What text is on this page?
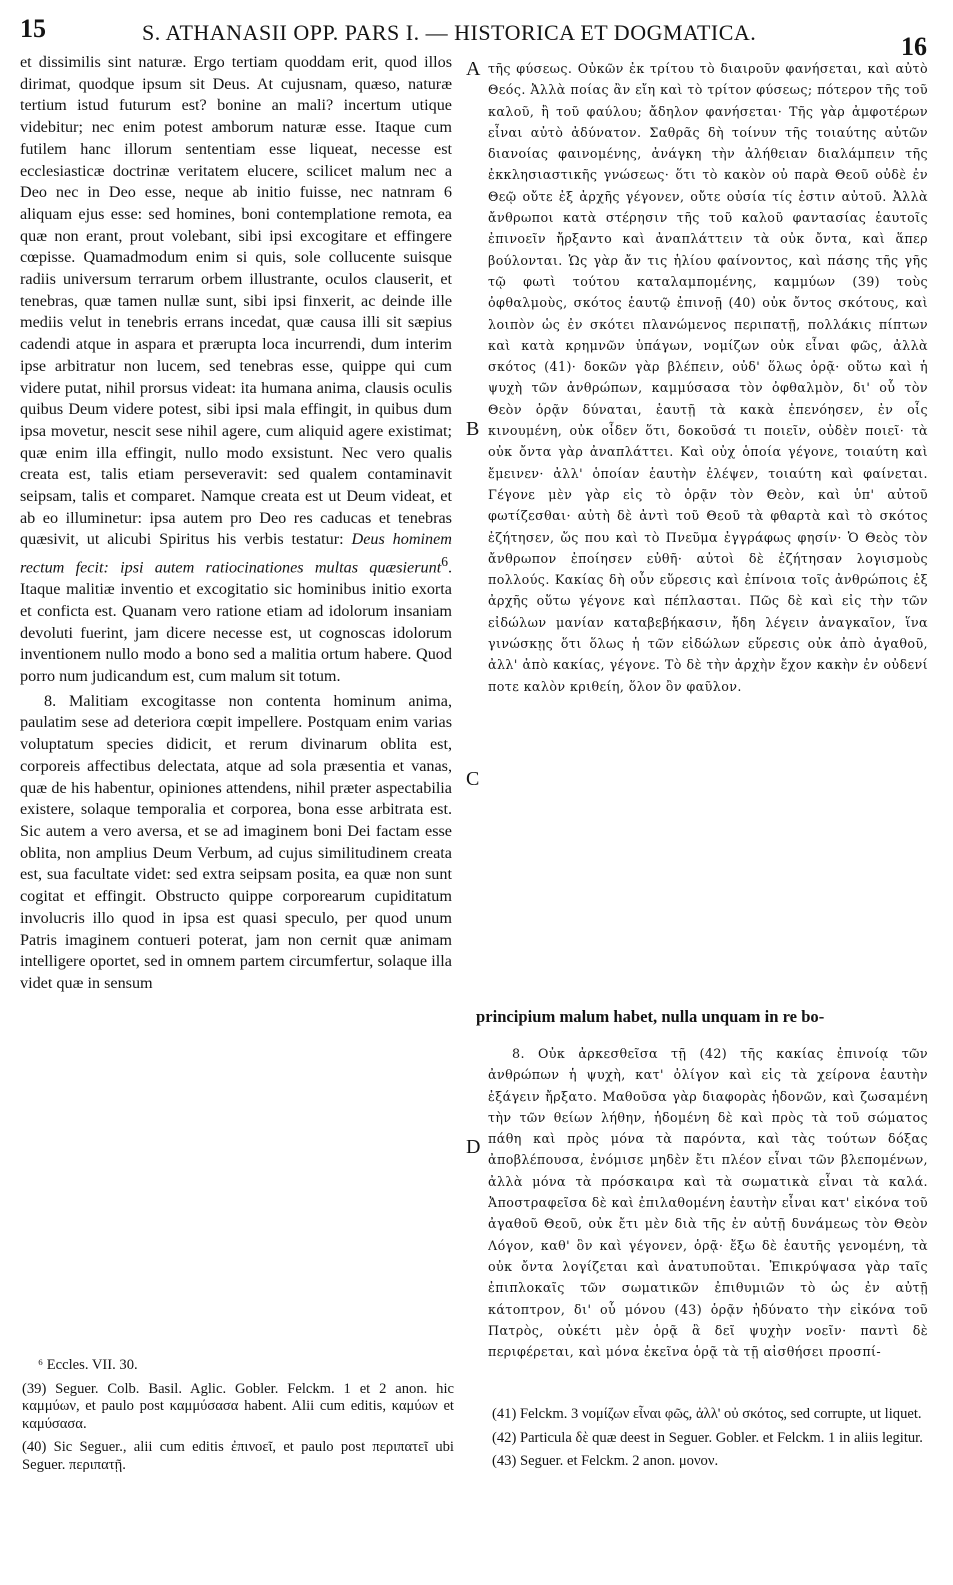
15	S. ATHANASII OPP. PARS I. — HISTORICA ET DOGMATICA.	16

et dissimilis sint naturæ. Ergo tertiam quoddam erit, quod illos dirimat, quodque ipsum sit Deus. At cujusnam, quæso, naturæ tertium istud futurum est? bonine an mali? incertum utique videbitur; nec enim potest amborum naturæ esse. Itaque cum futilem hanc illorum sententiam esse liqueat, necesse est ecclesiasticæ doctrinæ veritatem elucere, scilicet malum nec a Deo nec in Deo esse, neque ab initio fuisse, nec natnram 6 aliquam ejus esse: sed homines, boni contemplatione remota, ea quæ non erant, prout volebant, sibi ipsi excogitare et effingere cœpisse. Quamadmodum enim si quis, sole collucente suisque radiis universum terrarum orbem illustrante, oculos clauserit, et tenebras, quæ tamen nullæ sunt, sibi ipsi finxerit, ac deinde ille mediis velut in tenebris errans incedat, quæ causa illi sit sæpius cadendi atque in aspara et prærupta loca incurrendi, dum interim ipse arbitratur non lucem, sed tenebras esse, quippe qui cum videre putat, nihil prorsus videat: ita humana anima, clausis oculis quibus Deum videre potest, sibi ipsi mala effingit, in quibus dum ipsa movetur, nescit sese nihil agere, cum aliquid agere existimat; quæ enim illa effingit, nullo modo exsistunt. Nec vero qualis creata est, talis etiam perseveravit: sed qualem contaminavit seipsam, talis et comparet. Namque creata est ut Deum videat, et ab eo illuminetur: ipsa autem pro Deo res caducas et tenebras quæsivit, ut alicubi Spiritus his verbis testatur: Deus hominem rectum fecit: ipsi autem ratiocinationes multas quæsierunt$^6$. Itaque malitiæ inventio et excogitatio sic hominibus initio exorta et conficta est. Quanam vero ratione etiam ad idolorum insaniam devoluti fuerint, jam dicere necesse est, ut cognoscas idolorum inventionem nullo modo a bono sed a malitia ortum habere. Quod porro num judicandum est, cum malum sit totum.

8. Malitiam excogitasse non contenta hominum anima, paulatim sese ad deteriora cœpit impellere. Postquam enim varias voluptatum species didicit, et rerum divinarum oblita est, corporeis affectibus delectata, atque ad sola præsentia et vanas, quæ de his habentur, opiniones attendens, nihil præter aspectabilia existere, solaque temporalia et corporea, bona esse arbitrata est. Sic autem a vero aversa, et se ad imaginem boni Dei factam esse oblita, non amplius Deum Verbum, ad cujus similitudinem creata est, sua facultate videt: sed extra seipsam posita, ea quæ non sunt cogitat et effingit. Obstructo quippe corporearum cupiditatum involucris illo quod in ipsa est quasi speculo, per quod unum Patris imaginem contueri poterat, jam non cernit quæ animam intelligere oportet, sed in omnem partem circumfertur, solaque illa videt quæ in sensum

A
B
C
D

τῆς φύσεως. Οὐκῶν ἐκ τρίτου τὸ διαιροῦν φανήσεται, καὶ αὐτὸ Θεός. Ἀλλὰ ποίας ἂν εἴη καὶ τὸ τρίτον φύσεως; πότερον τῆς τοῦ καλοῦ, ἢ τοῦ φαύλου; ἄδηλον φανήσεται· Τῆς γὰρ ἀμφοτέρων εἶναι αὐτὸ ἀδύνατον. Σαθρᾶς δὴ τοίνυν τῆς τοιαύτης αὐτῶν διανοίας φαινομένης, ἀνάγκη τὴν ἀλήθειαν διαλάμπειν τῆς ἐκκλησιαστικῆς γνώσεως· ὅτι τὸ κακὸν οὐ παρὰ Θεοῦ οὐδὲ ἐν Θεῷ οὔτε ἐξ ἀρχῆς γέγονεν, οὔτε οὐσία τίς ἐστιν αὐτοῦ. Ἀλλὰ ἄνθρωποι κατὰ στέρησιν τῆς τοῦ καλοῦ φαντασίας ἑαυτοῖς ἐπινοεῖν ἤρξαντο καὶ ἀναπλάττειν τὰ οὐκ ὄντα, καὶ ἅπερ βούλονται. Ὡς γὰρ ἄν τις ἡλίου φαίνοντος, καὶ πάσης τῆς γῆς τῷ φωτὶ τούτου καταλαμπομένης, καμμύων (39) τοὺς ὀφθαλμοὺς, σκότος ἑαυτῷ ἐπινοῇ (40) οὐκ ὄντος σκότους, καὶ λοιπὸν ὡς ἐν σκότει πλανώμενος περιπατῇ, πολλάκις πίπτων καὶ κατὰ κρημνῶν ὑπάγων, νομίζων οὐκ εἶναι φῶς, ἀλλὰ σκότος (41)· δοκῶν γὰρ βλέπειν, οὐδ' ὅλως ὁρᾷ· οὕτω καὶ ἡ ψυχὴ τῶν ἀνθρώπων, καμμύσασα τὸν ὀφθαλμὸν, δι' οὗ τὸν Θεὸν ὁρᾷν δύναται, ἑαυτῇ τὰ κακὰ ἐπενόησεν, ἐν οἷς κινουμένη, οὐκ οἶδεν ὅτι, δοκοῦσά τι ποιεῖν, οὐδὲν ποιεῖ· τὰ οὐκ ὄντα γὰρ ἀναπλάττει. Καὶ οὐχ ὁποία γέγονε, τοιαύτη καὶ ἔμεινεν· ἀλλ' ὁποίαν ἑαυτὴν ἐλέψεν, τοιαύτη καὶ φαίνεται. Γέγονε μὲν γὰρ εἰς τὸ ὁρᾷν τὸν Θεὸν, καὶ ὑπ' αὐτοῦ φωτίζεσθαι· αὐτὴ δὲ ἀντὶ τοῦ Θεοῦ τὰ φθαρτὰ καὶ τὸ σκότος ἐζήτησεν, ὥς που καὶ τὸ Πνεῦμα ἐγγράφως φησίν· Ὁ Θεὸς τὸν ἄνθρωπον ἐποίησεν εὐθῆ· αὐτοὶ δὲ ἐζήτησαν λογισμοὺς πολλούς. Κακίας δὴ οὖν εὕρεσις καὶ ἐπίνοια τοῖς ἀνθρώποις ἐξ ἀρχῆς οὕτω γέγονε καὶ πέπλασται. Πῶς δὲ καὶ εἰς τὴν τῶν εἰδώλων μανίαν καταβεβήκασιν, ἤδη λέγειν ἀναγκαῖον, ἵνα γινώσκῃς ὅτι ὅλως ἡ τῶν εἰδώλων εὕρεσις οὐκ ἀπὸ ἀγαθοῦ, ἀλλ' ἀπὸ κακίας, γέγονε. Τὸ δὲ τὴν ἀρχὴν ἔχον κακὴν ἐν οὐδενί ποτε καλὸν κριθείη, ὅλον ὂν φαῦλον.

principium malum habet, nulla unquam in re bo-

8. Οὐκ ἀρκεσθεῖσα τῇ (42) τῆς κακίας ἐπινοίᾳ τῶν ἀνθρώπων ἡ ψυχὴ, κατ' ὀλίγον καὶ εἰς τὰ χείρονα ἑαυτὴν ἐξάγειν ἤρξατο. Μαθοῦσα γὰρ διαφορὰς ἡδονῶν, καὶ ζωσαμένη τὴν τῶν θείων λήθην, ἡδομένη δὲ καὶ πρὸς τὰ τοῦ σώματος πάθη καὶ πρὸς μόνα τὰ παρόντα, καὶ τὰς τούτων δόξας ἀποβλέπουσα, ἐνόμισε μηδὲν ἔτι πλέον εἶναι τῶν βλεπομένων, ἀλλὰ μόνα τὰ πρόσκαιρα καὶ τὰ σωματικὰ εἶναι τὰ καλά. Ἀποστραφεῖσα δὲ καὶ ἐπιλαθομένη ἑαυτὴν εἶναι κατ' εἰκόνα τοῦ ἀγαθοῦ Θεοῦ, οὐκ ἔτι μὲν διὰ τῆς ἐν αὐτῇ δυνάμεως τὸν Θεὸν Λόγον, καθ' ὃν καὶ γέγονεν, ὁρᾷ· ἔξω δὲ ἑαυτῆς γενομένη, τὰ οὐκ ὄντα λογίζεται καὶ ἀνατυποῦται. Ἐπικρύψασα γὰρ ταῖς ἐπιπλοκαῖς τῶν σωματικῶν ἐπιθυμιῶν τὸ ὡς ἐν αὐτῇ κάτοπτρον, δι' οὗ μόνου (43) ὁρᾷν ἠδύνατο τὴν εἰκόνα τοῦ Πατρὸς, οὐκέτι μὲν ὁρᾷ ἃ δεῖ ψυχὴν νοεῖν· παντὶ δὲ περιφέρεται, καὶ μόνα ἐκεῖνα ὁρᾷ τὰ τῇ αἰσθήσει προσπί-

⁶ Eccles. VII. 30.
(39) Seguer. Colb. Basil. Aglic. Gobler. Felckm. 1 et 2 anon. hic καμμύων, et paulo post καμμύσασα habent. Alii cum editis, καμύων et καμύσασα.
(40) Sic Seguer., alii cum editis ἐπινοεῖ, et paulo post περιπατεῖ ubi Seguer. περιπατῇ.
(41) Felckm. 3 νομίζων εἶναι φῶς, ἀλλ' οὐ σκότος, sed corrupte, ut liquet.
(42) Particula δὲ quæ deest in Seguer. Gobler. et Felckm. 1 in aliis legitur.
(43) Seguer. et Felckm. 2 anon. μονον.
